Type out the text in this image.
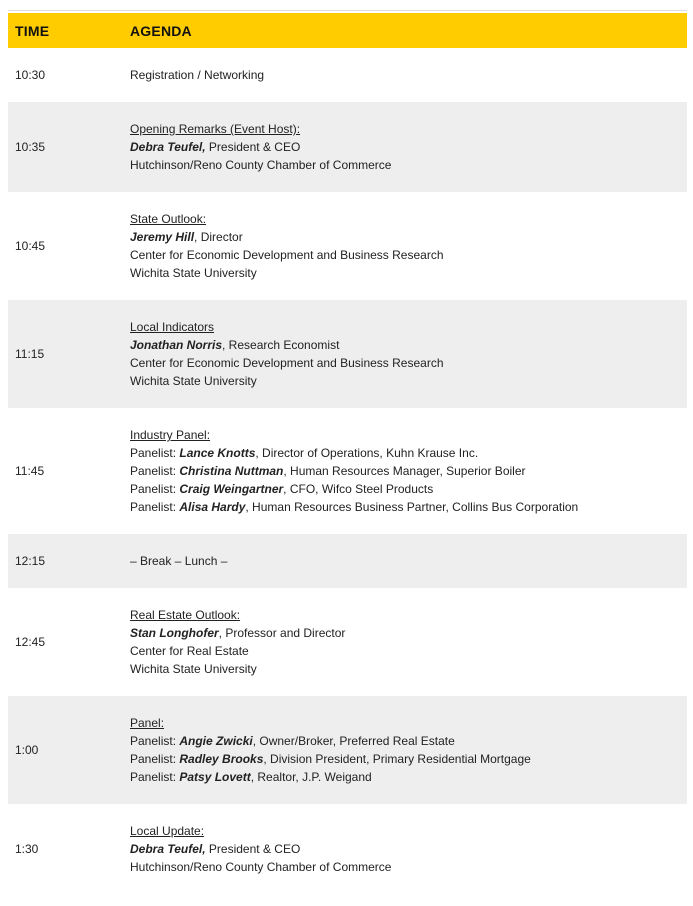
TIME	AGENDA
10:30	Registration / Networking

10:35	Opening Remarks (Event Host):
Debra Teufel, President & CEO
Hutchinson/Reno County Chamber of Commerce

10:45	State Outlook:
Jeremy Hill, Director
Center for Economic Development and Business Research
Wichita State University

11:15	Local Indicators
Jonathan Norris, Research Economist
Center for Economic Development and Business Research
Wichita State University

11:45	Industry Panel:
Panelist: Lance Knotts, Director of Operations, Kuhn Krause Inc.
Panelist: Christina Nuttman, Human Resources Manager, Superior Boiler
Panelist: Craig Weingartner, CFO, Wifco Steel Products
Panelist: Alisa Hardy, Human Resources Business Partner, Collins Bus Corporation

12:15	– Break – Lunch –

12:45	Real Estate Outlook:
Stan Longhofer, Professor and Director
Center for Real Estate
Wichita State University

1:00	Panel:
Panelist: Angie Zwicki, Owner/Broker, Preferred Real Estate
Panelist: Radley Brooks, Division President, Primary Residential Mortgage
Panelist: Patsy Lovett, Realtor, J.P. Weigand

1:30	Local Update:
Debra Teufel, President & CEO
Hutchinson/Reno County Chamber of Commerce
